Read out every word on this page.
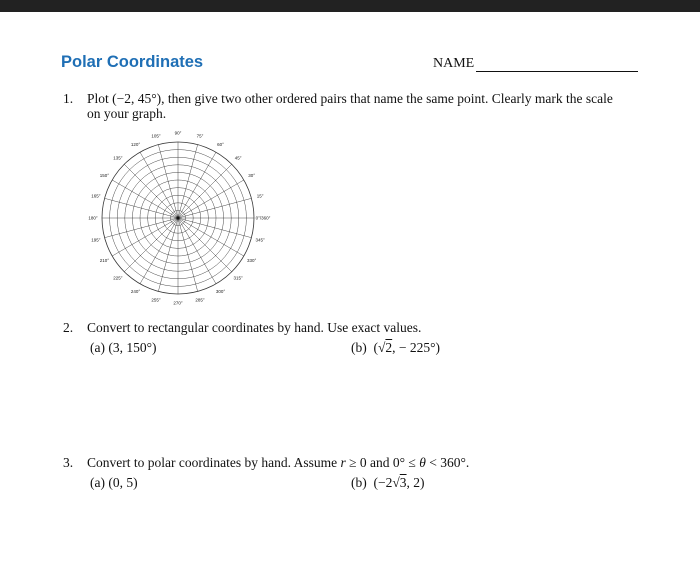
Polar Coordinates	NAME
1. Plot (−2, 45°), then give two other ordered pairs that name the same point. Clearly mark the scale
on your graph.
0°/360°
15°
30°
45°
60°
75°
90°
105°
120°
135°
150°
165°
180°
195°
210°
225°
240°
255°
270°
285°
300°
315°
330°
345°
2. Convert to rectangular coordinates by hand. Use exact values.
(a) (3, 150°)	(b) (√2, − 225°)
3. Convert to polar coordinates by hand. Assume r ≥ 0 and 0° ≤ θ < 360°.
(a) (0, 5)	(b) (−2√3, 2)
